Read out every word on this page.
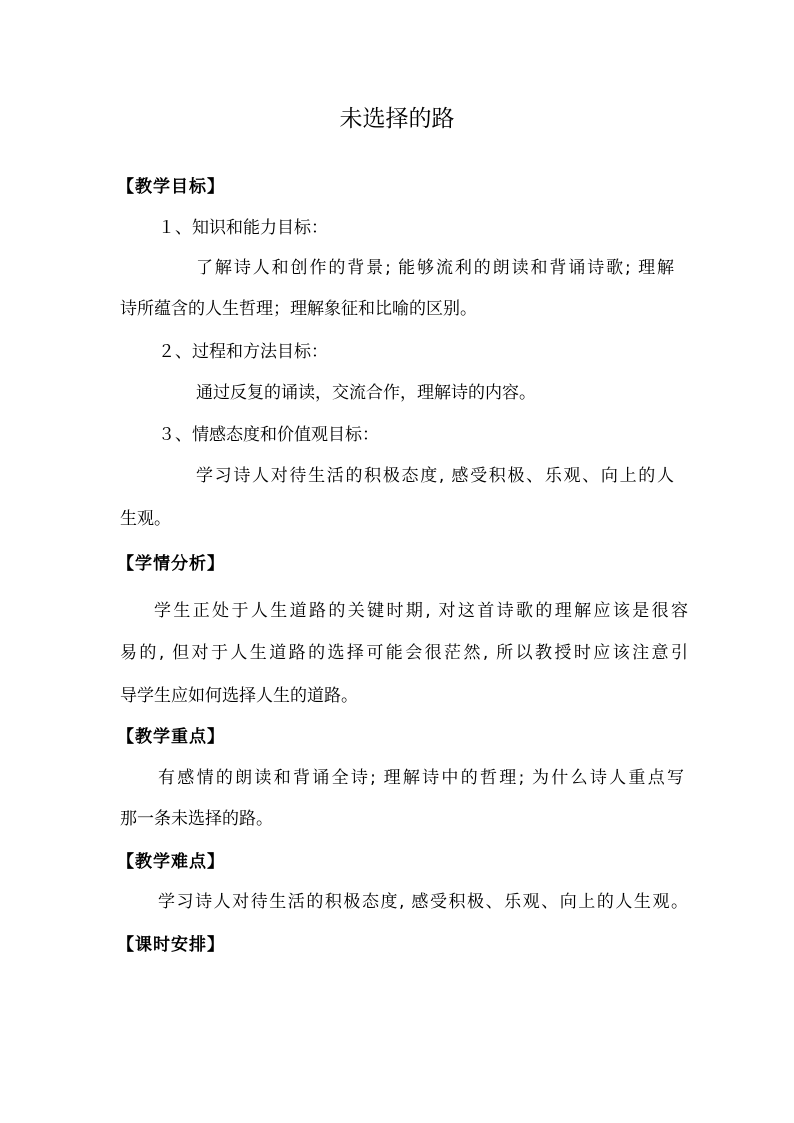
未选择的路
【教学目标】
１、知识和能力目标：
了解诗人和创作的背景; 能够流利的朗读和背诵诗歌; 理解
诗所蕴含的人生哲理；理解象征和比喻的区别。
２、过程和方法目标：
通过反复的诵读，交流合作，理解诗的内容。
３、情感态度和价值观目标：
学习诗人对待生活的积极态度, 感受积极、乐观、向上的人
生观。
【学情分析】
学生正处于人生道路的关键时期, 对这首诗歌的理解应该是很容
易的, 但对于人生道路的选择可能会很茫然, 所以教授时应该注意引
导学生应如何选择人生的道路。
【教学重点】
有感情的朗读和背诵全诗; 理解诗中的哲理; 为什么诗人重点写
那一条未选择的路。
【教学难点】
学习诗人对待生活的积极态度, 感受积极、乐观、向上的人生观。
【课时安排】
